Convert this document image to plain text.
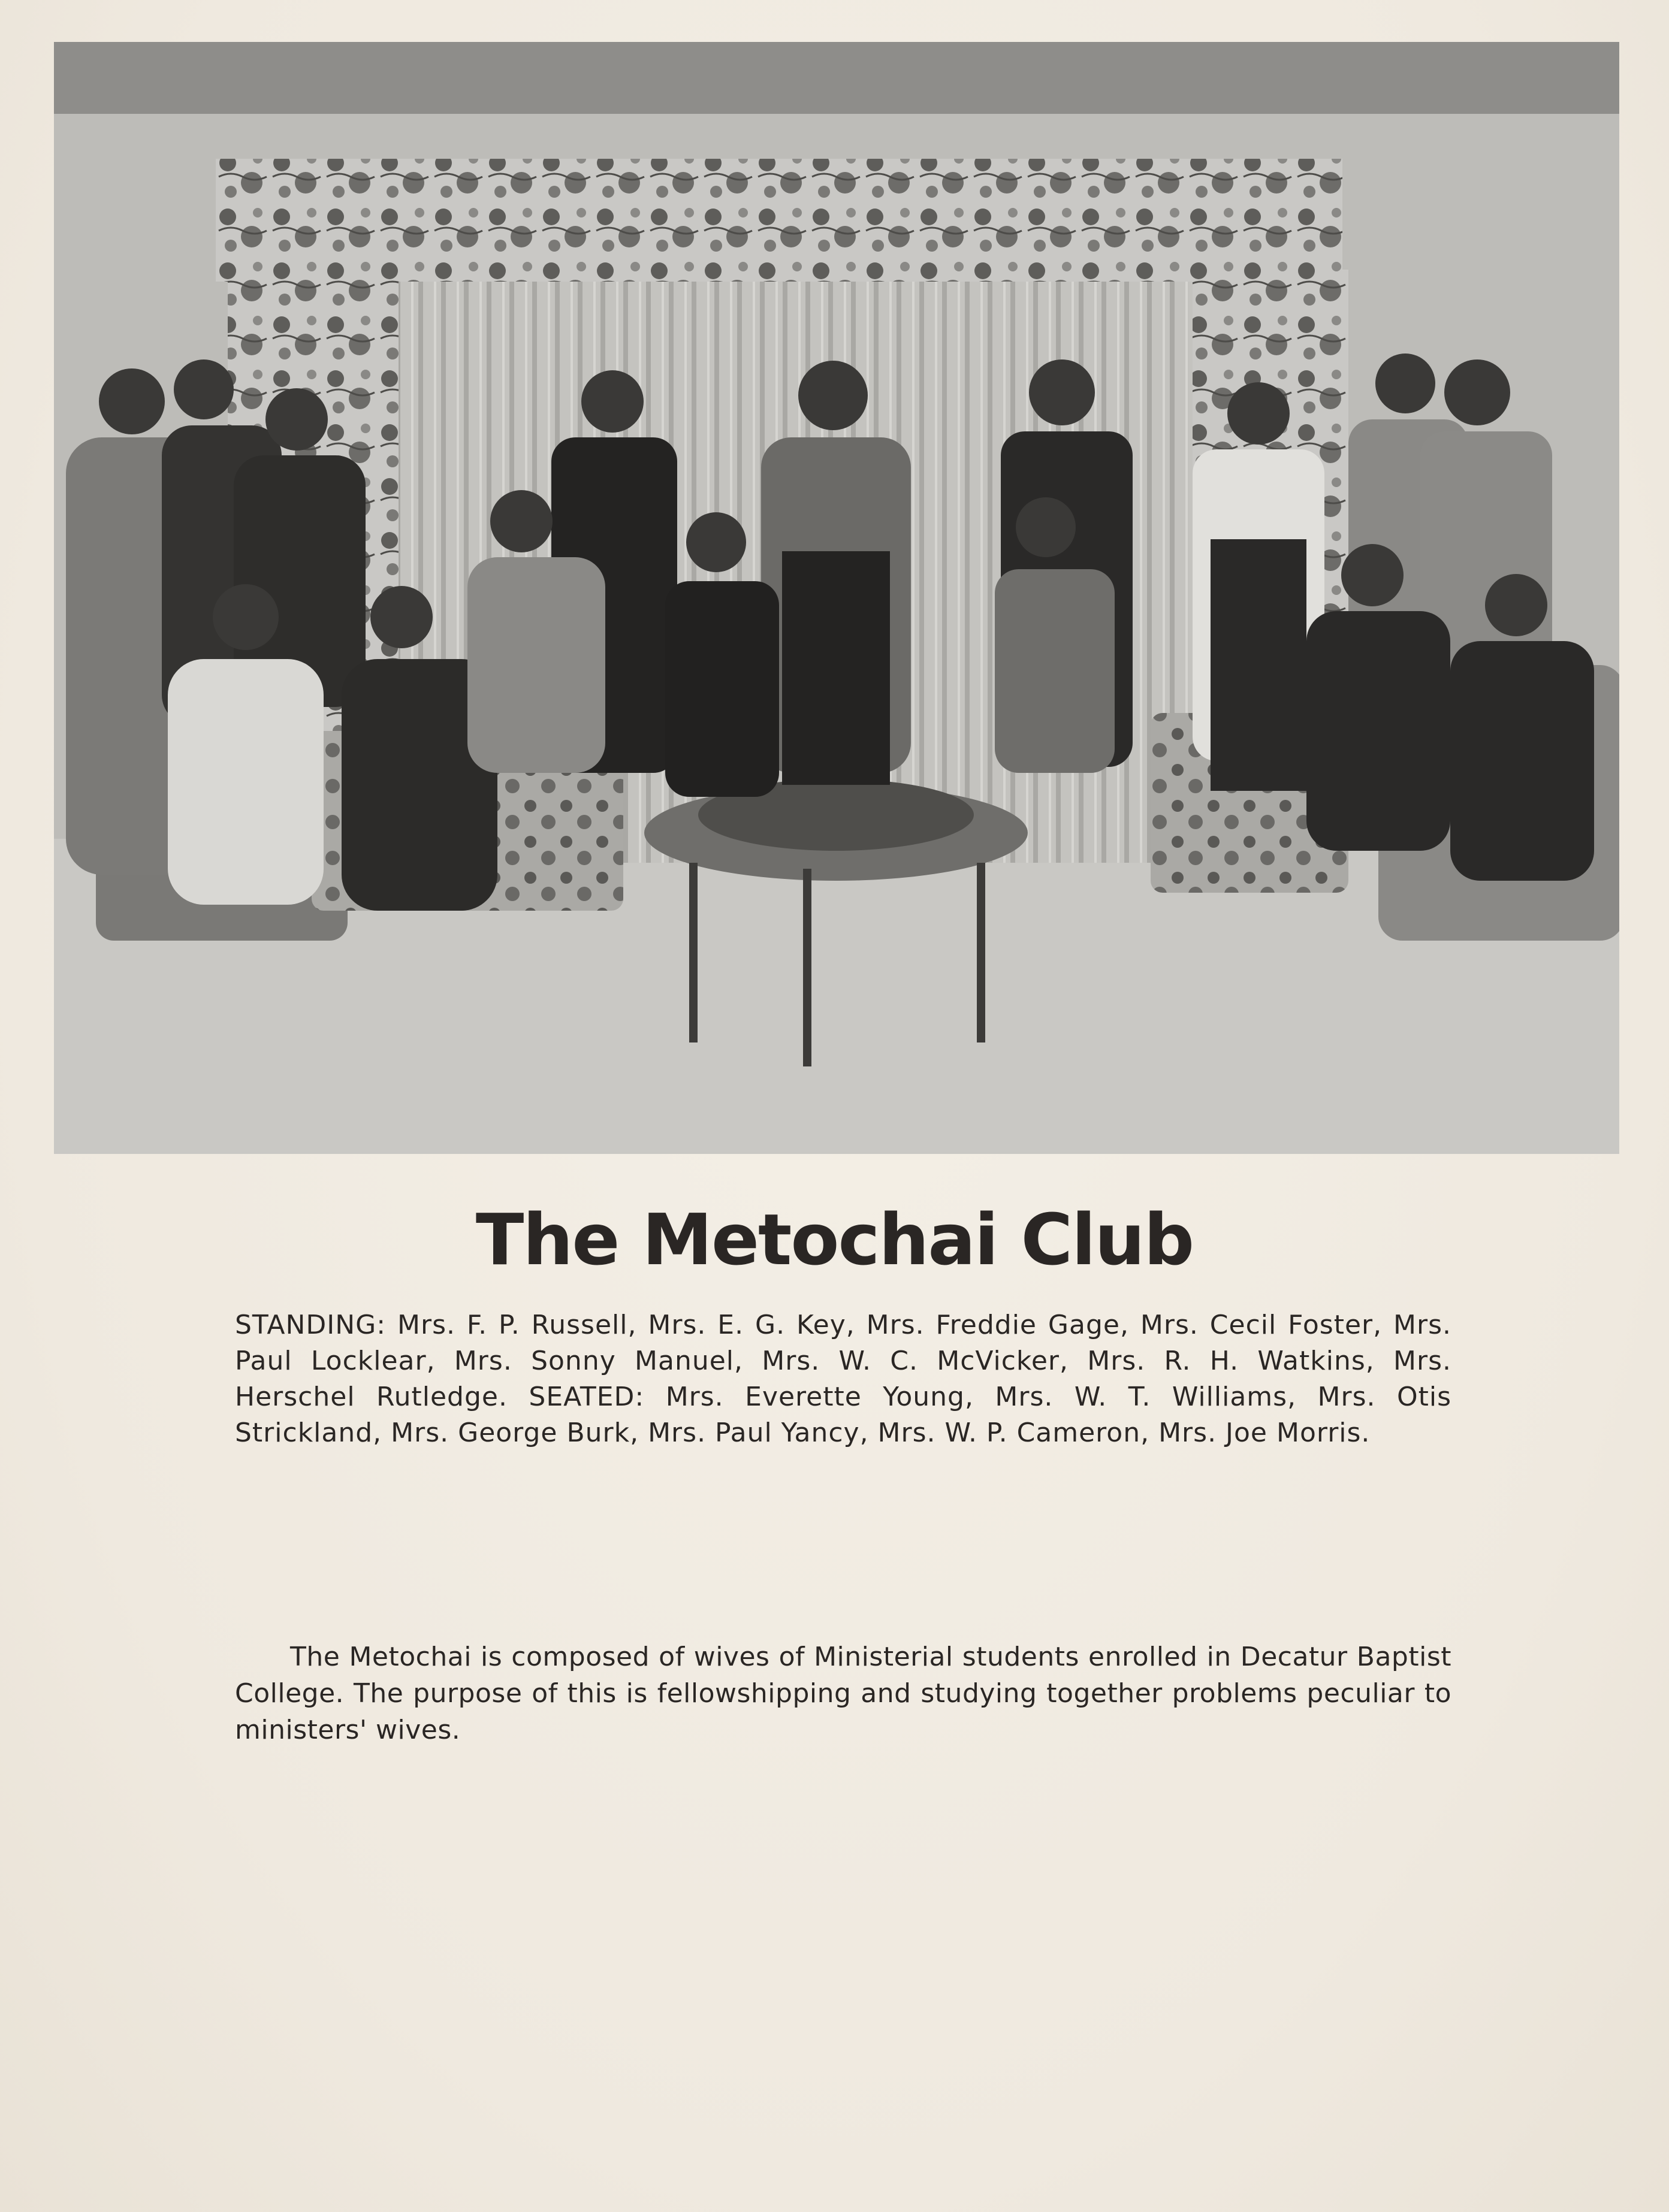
The Metochai Club
STANDING: Mrs. F. P. Russell, Mrs. E. G. Key, Mrs. Freddie Gage, Mrs. Cecil Foster, Mrs. Paul Locklear, Mrs. Sonny Manuel, Mrs. W. C. McVicker, Mrs. R. H. Watkins, Mrs. Herschel Rutledge. SEATED: Mrs. Everette Young, Mrs. W. T. Williams, Mrs. Otis Strickland, Mrs. George Burk, Mrs. Paul Yancy, Mrs. W. P. Cameron, Mrs. Joe Morris.
The Metochai is composed of wives of Ministerial students enrolled in Decatur Baptist College. The purpose of this is fellowshipping and studying together problems peculiar to ministers' wives.
